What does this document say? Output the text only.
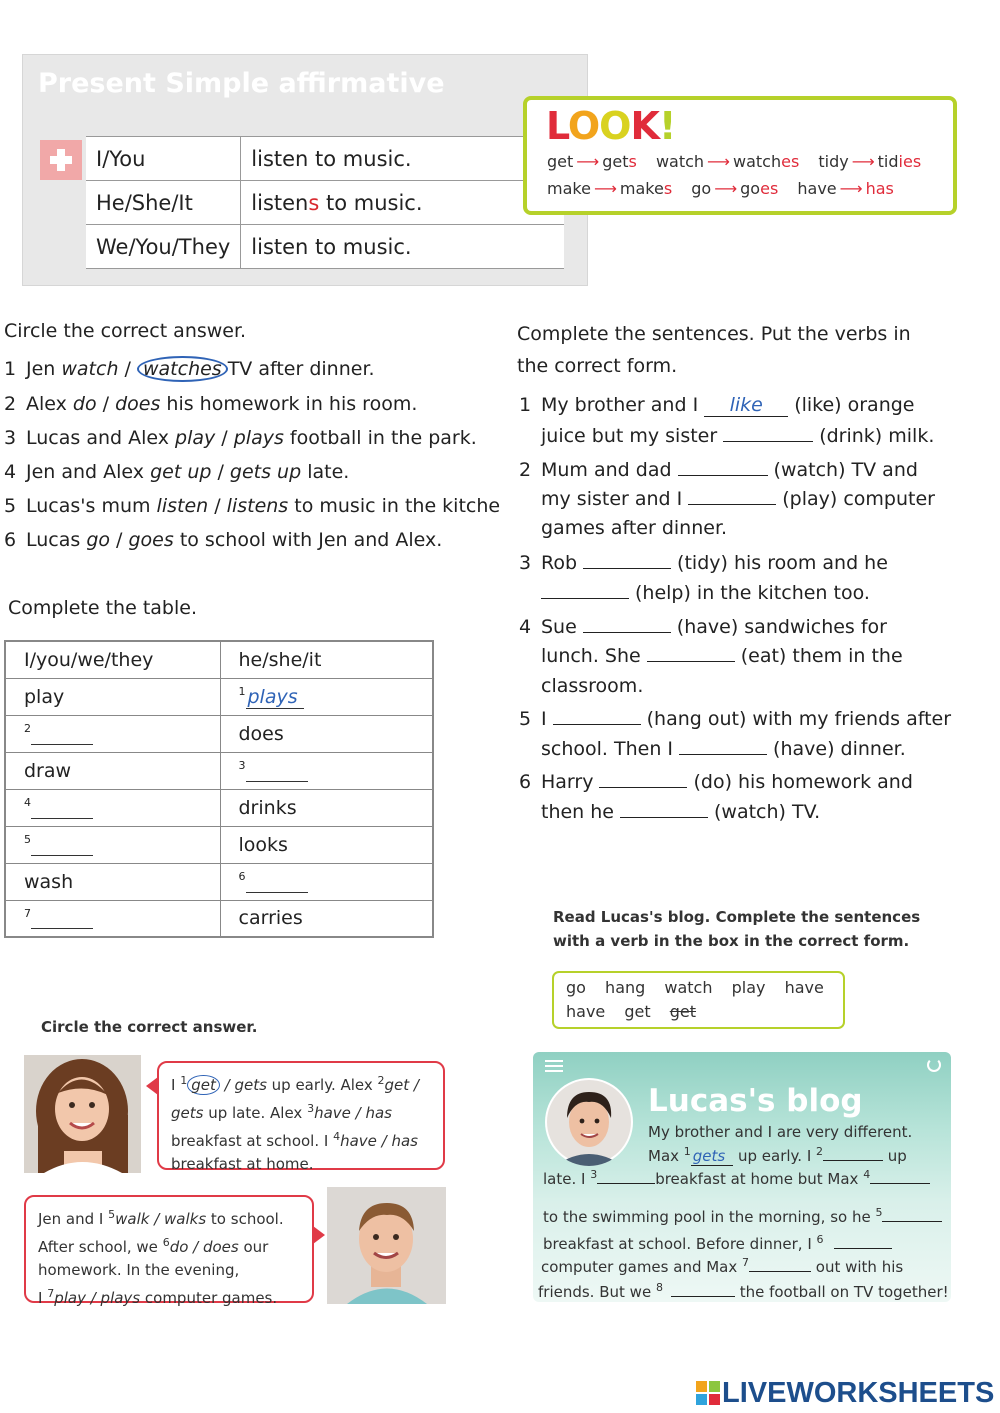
Present Simple affirmative
I/You	listen to music.
He/She/It	listens to music.
We/You/They	listen to music.
LOOK!
get ⟶ gets watch ⟶ watches tidy ⟶ tidies
make ⟶ makes go ⟶ goes have ⟶ has
Circle the correct answer.
1 Jen watch / watches TV after dinner.
2 Alex do / does his homework in his room.
3 Lucas and Alex play / plays football in the park.
4 Jen and Alex get up / gets up late.
5 Lucas's mum listen / listens to music in the kitche
6 Lucas go / goes to school with Jen and Alex.
Complete the table.
I/you/we/they	he/she/it
play	$^1$ plays
$^2$	does
draw	$^3$
$^4$	drinks
$^5$	looks
wash	$^6$
$^7$	carries
Complete the sentences. Put the verbs in
the correct form.
1 My brother and I like (like) orange
juice but my sister	(drink) milk.
2 Mum and dad	(watch) TV and
my sister and I	(play) computer
games after dinner.
3 Rob	(tidy) his room and he
(help) in the kitchen too.
4 Sue	(have) sandwiches for
lunch. She	(eat) them in the
classroom.
5 I	(hang out) with my friends after
school. Then I	(have) dinner.
6 Harry	(do) his homework and
then he	(watch) TV.
Read Lucas's blog. Complete the sentences
with a verb in the box in the correct form.
go hang watch play have
have get get
Circle the correct answer.
I $^1$ get / gets up early. Alex $^2$get /
gets up late. Alex $^3$have / has
breakfast at school. I $^4$have / has
breakfast at home.
Jen and I $^5$walk / walks to school.
After school, we $^6$do / does our
homework. In the evening,
I $^7$play / plays computer games.
Lucas's blog
My brother and I are very different.
Max $^1$ gets up early. I $^2$	up
late. I $^3$	breakfast at home but Max $^4$
to the swimming pool in the morning, so he $^5$
breakfast at school. Before dinner, I $^6$
computer games and Max $^7$	out with his
friends. But we $^8$	the football on TV together!
LIVEWORKSHEETS
